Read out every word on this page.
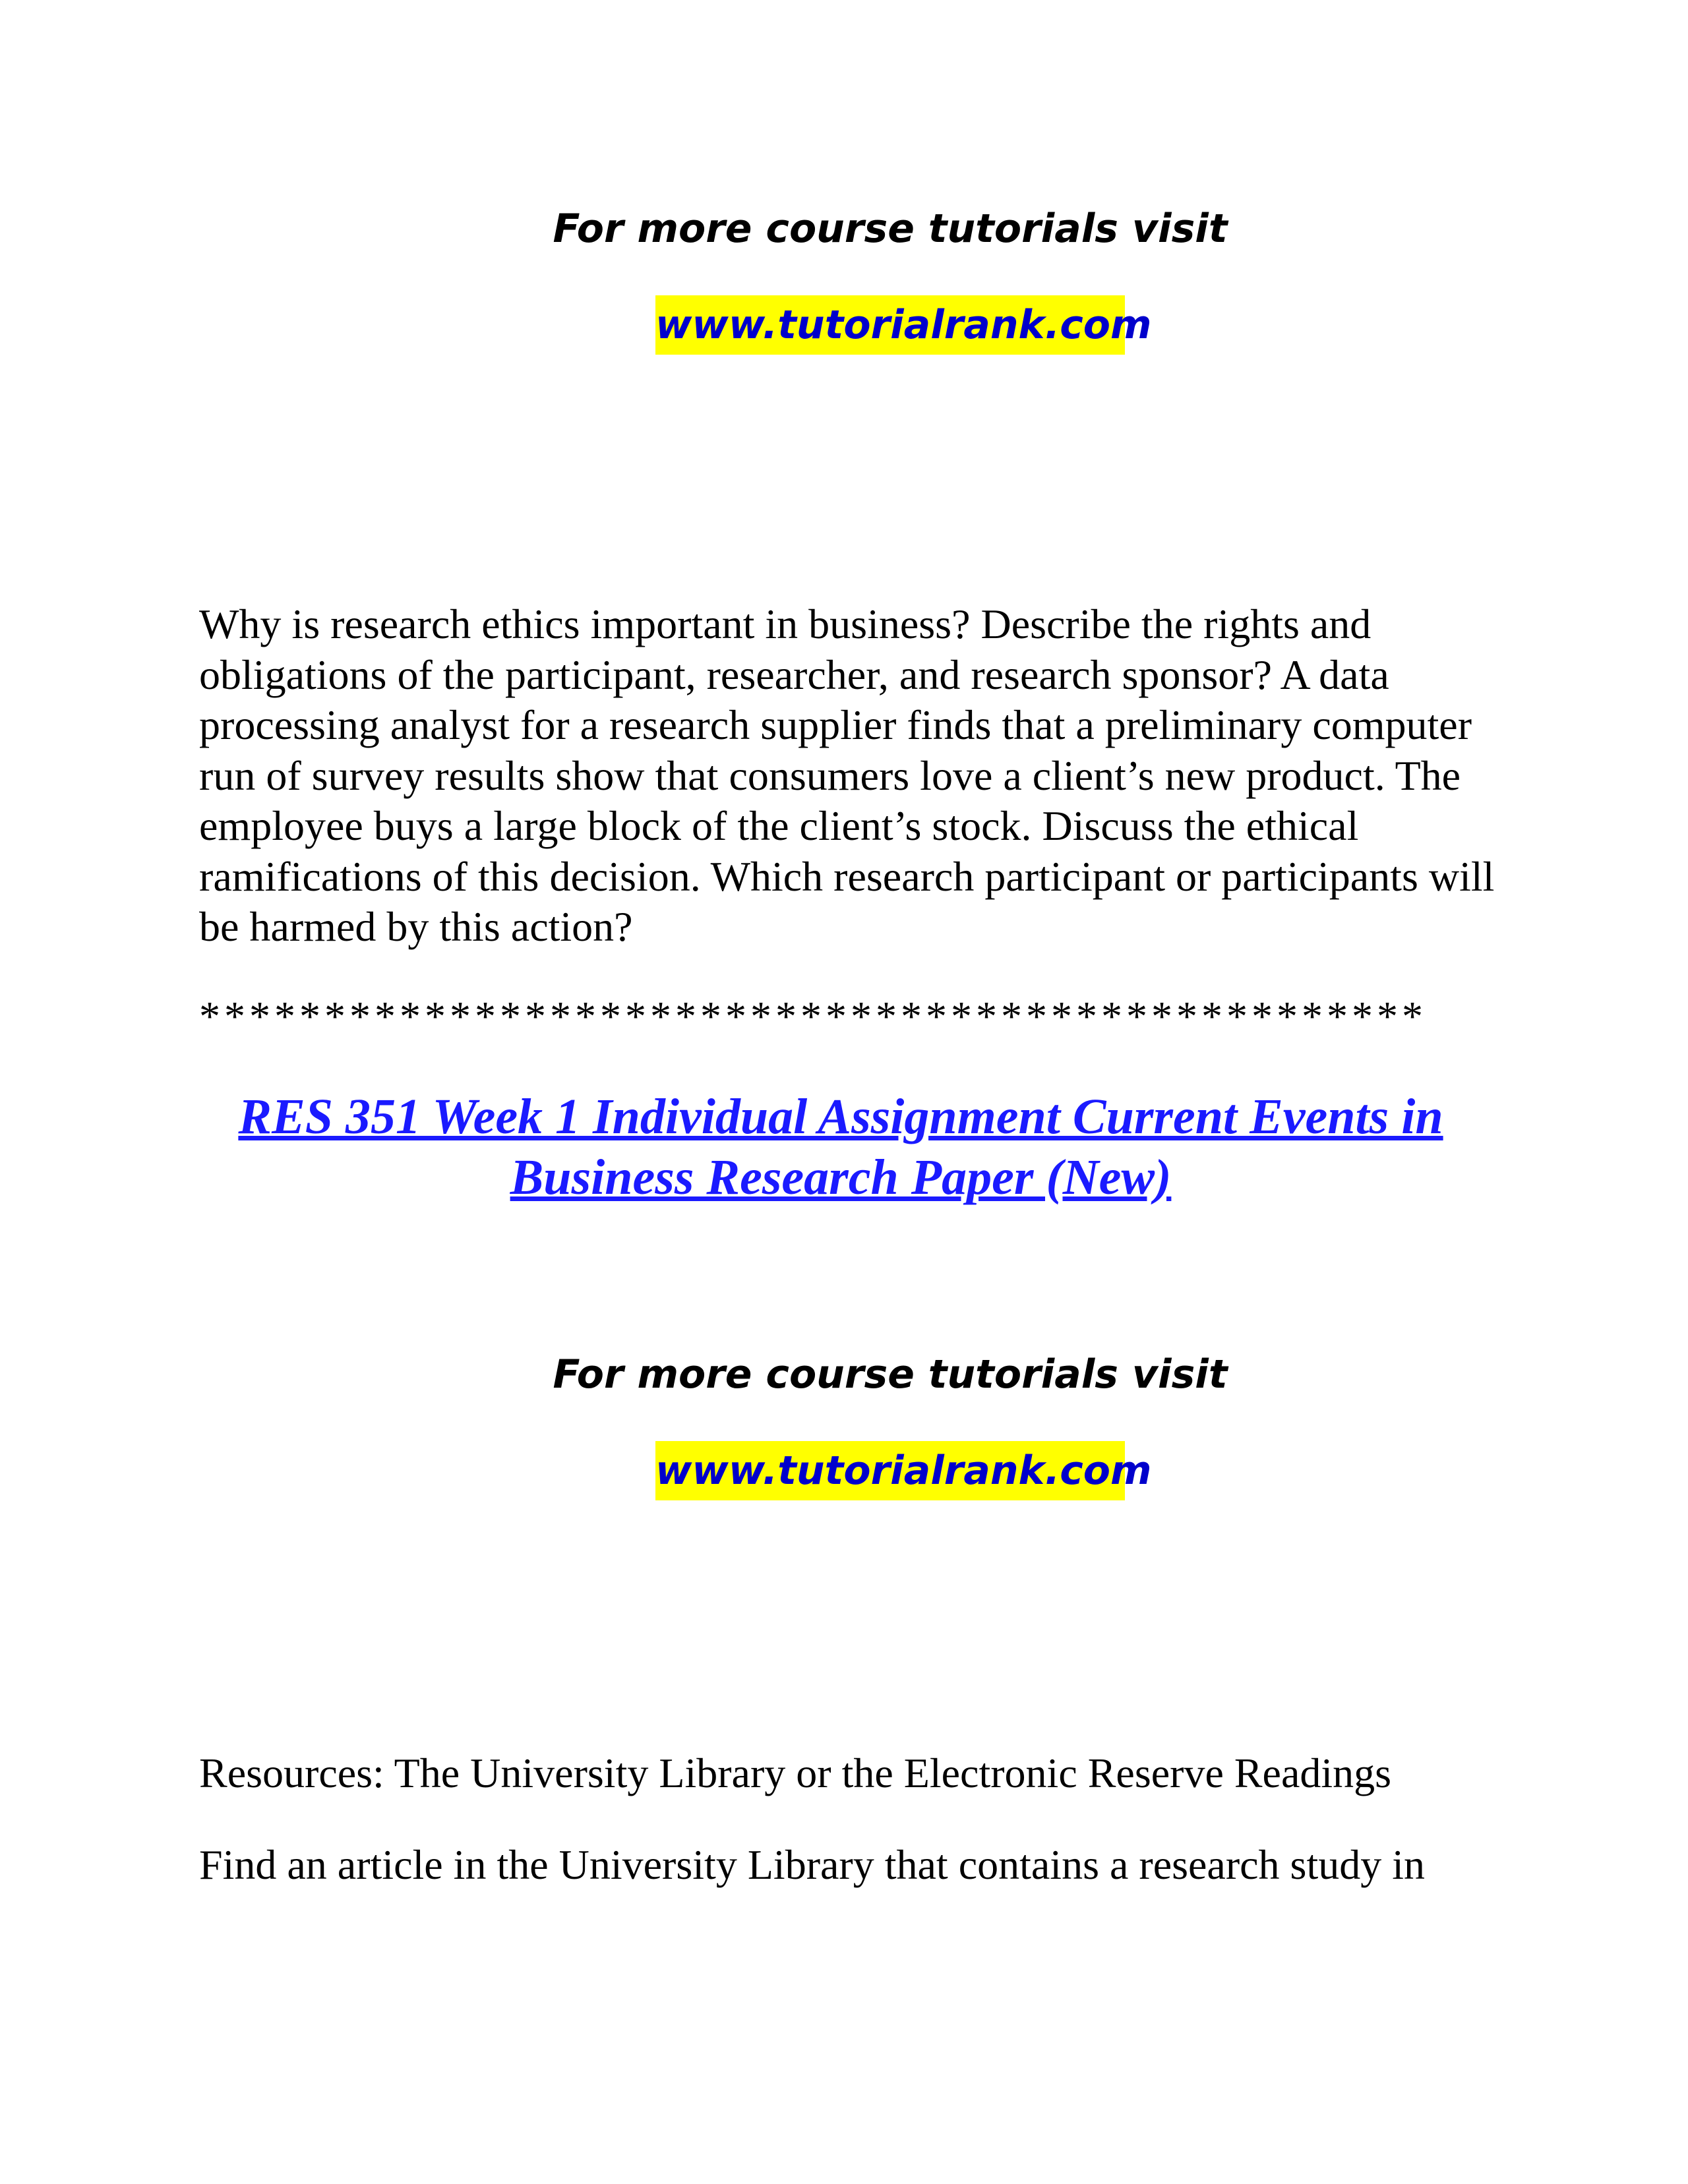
For more course tutorials visit
www.tutorialrank.com
Why is research ethics important in business? Describe the rights and obligations of the participant, researcher, and research sponsor? A data processing analyst for a research supplier finds that a preliminary computer run of survey results show that consumers love a client’s new product. The employee buys a large block of the client’s stock. Discuss the ethical ramifications of this decision. Which research participant or participants will be harmed by this action?
*************************************************
RES 351 Week 1 Individual Assignment Current Events in Business Research Paper (New)
For more course tutorials visit
www.tutorialrank.com
Resources: The University Library or the Electronic Reserve Readings
Find an article in the University Library that contains a research study in
